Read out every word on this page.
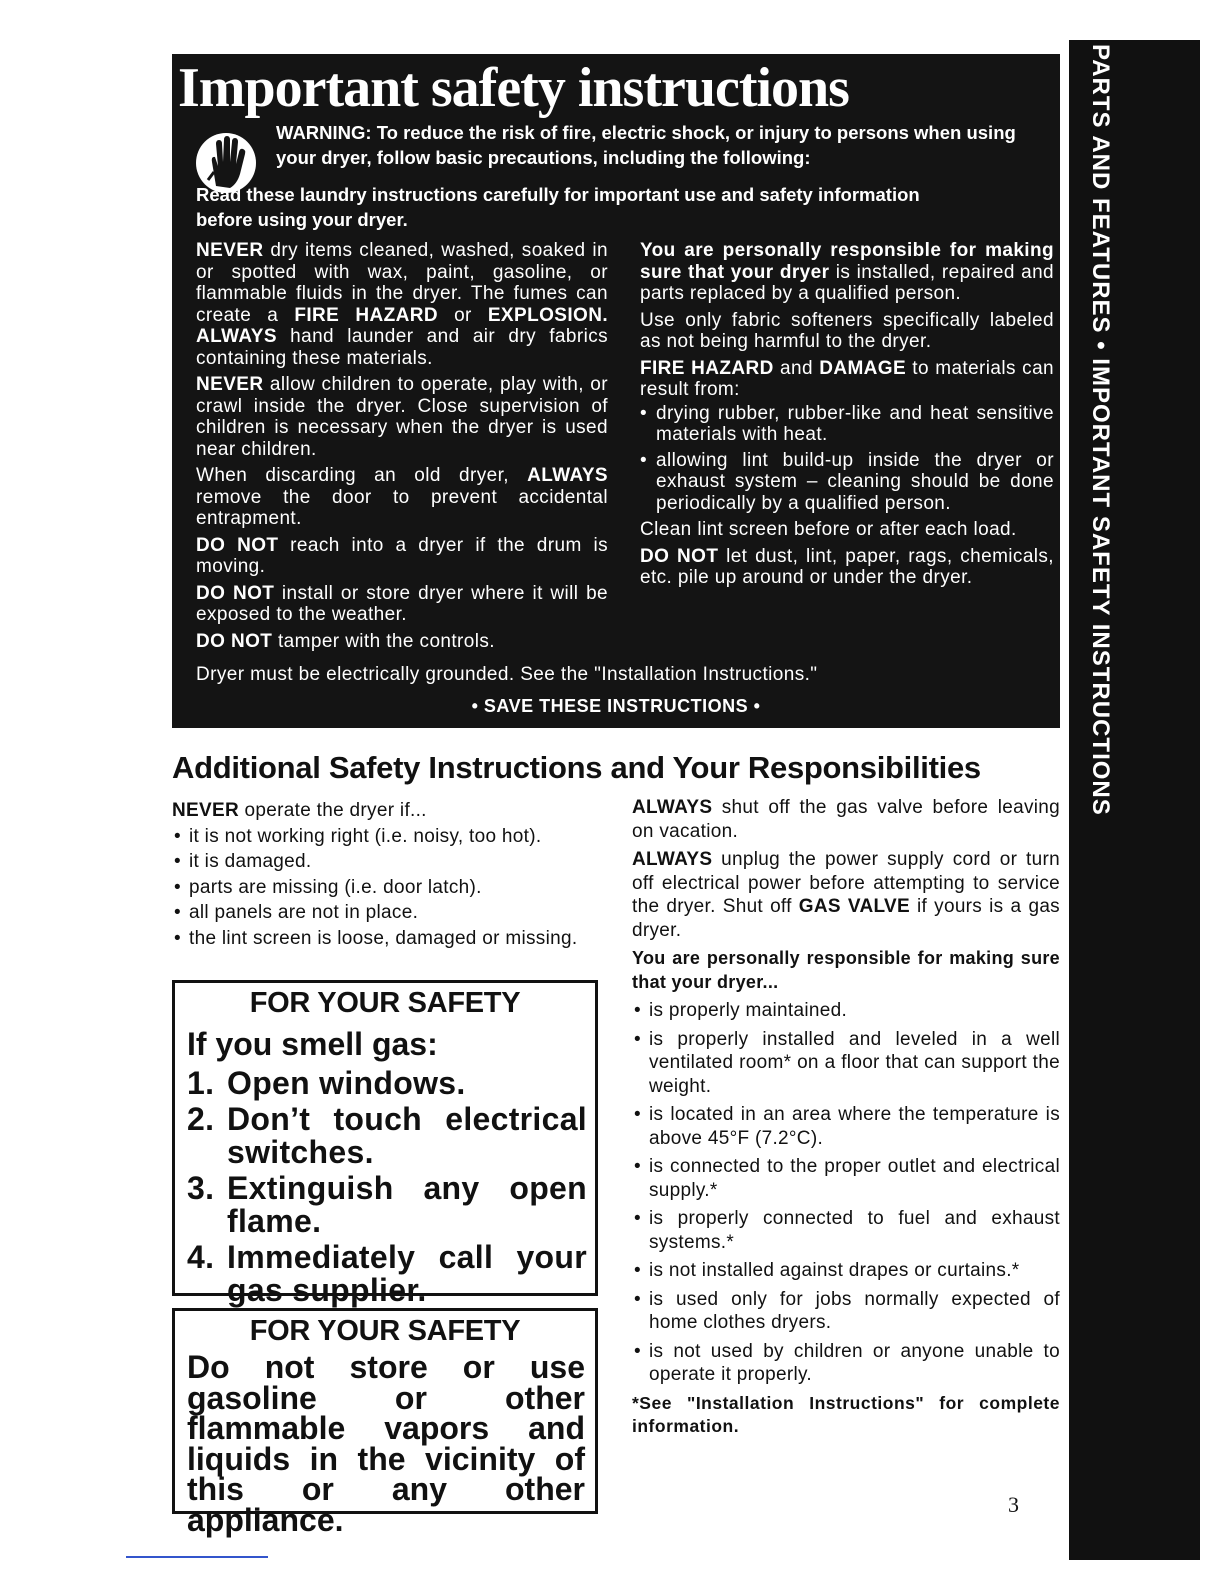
PARTS AND FEATURES • IMPORTANT SAFETY INSTRUCTIONS
Important safety instructions

WARNING: To reduce the risk of fire, electric shock, or injury to persons when using your dryer, follow basic precautions, including the following:

Read these laundry instructions carefully for important use and safety information before using your dryer.

NEVER dry items cleaned, washed, soaked in or spotted with wax, paint, gasoline, or flammable fluids in the dryer. The fumes can create a FIRE HAZARD or EXPLOSION. ALWAYS hand launder and air dry fabrics containing these materials.

NEVER allow children to operate, play with, or crawl inside the dryer. Close supervision of children is necessary when the dryer is used near children.

When discarding an old dryer, ALWAYS remove the door to prevent accidental entrapment.

DO NOT reach into a dryer if the drum is moving.

DO NOT install or store dryer where it will be exposed to the weather.

DO NOT tamper with the controls.

You are personally responsible for making sure that your dryer is installed, repaired and parts replaced by a qualified person.

Use only fabric softeners specifically labeled as not being harmful to the dryer.

FIRE HAZARD and DAMAGE to materials can result from:

• drying rubber, rubber-like and heat sensitive materials with heat.
• allowing lint build-up inside the dryer or exhaust system – cleaning should be done periodically by a qualified person.

Clean lint screen before or after each load.

DO NOT let dust, lint, paper, rags, chemicals, etc. pile up around or under the dryer.

Dryer must be electrically grounded. See the "Installation Instructions."

• SAVE THESE INSTRUCTIONS •

Additional Safety Instructions and Your Responsibilities

NEVER operate the dryer if...

• it is not working right (i.e. noisy, too hot).
• it is damaged.
• parts are missing (i.e. door latch).
• all panels are not in place.
• the lint screen is loose, damaged or missing.

FOR YOUR SAFETY

If you smell gas:

1. Open windows.
2. Don’t touch electrical switches.
3. Extinguish any open flame.
4. Immediately call your gas supplier.

FOR YOUR SAFETY

Do not store or use gasoline or other flammable vapors and liquids in the vicinity of this or any other appliance.

ALWAYS shut off the gas valve before leaving on vacation.

ALWAYS unplug the power supply cord or turn off electrical power before attempting to service the dryer. Shut off GAS VALVE if yours is a gas dryer.

You are personally responsible for making sure that your dryer...

• is properly maintained.
• is properly installed and leveled in a well ventilated room* on a floor that can support the weight.
• is located in an area where the temperature is above 45°F (7.2°C).
• is connected to the proper outlet and electrical supply.*
• is properly connected to fuel and exhaust systems.*
• is not installed against drapes or curtains.*
• is used only for jobs normally expected of home clothes dryers.
• is not used by children or anyone unable to operate it properly.

*See "Installation Instructions" for complete information.

3
